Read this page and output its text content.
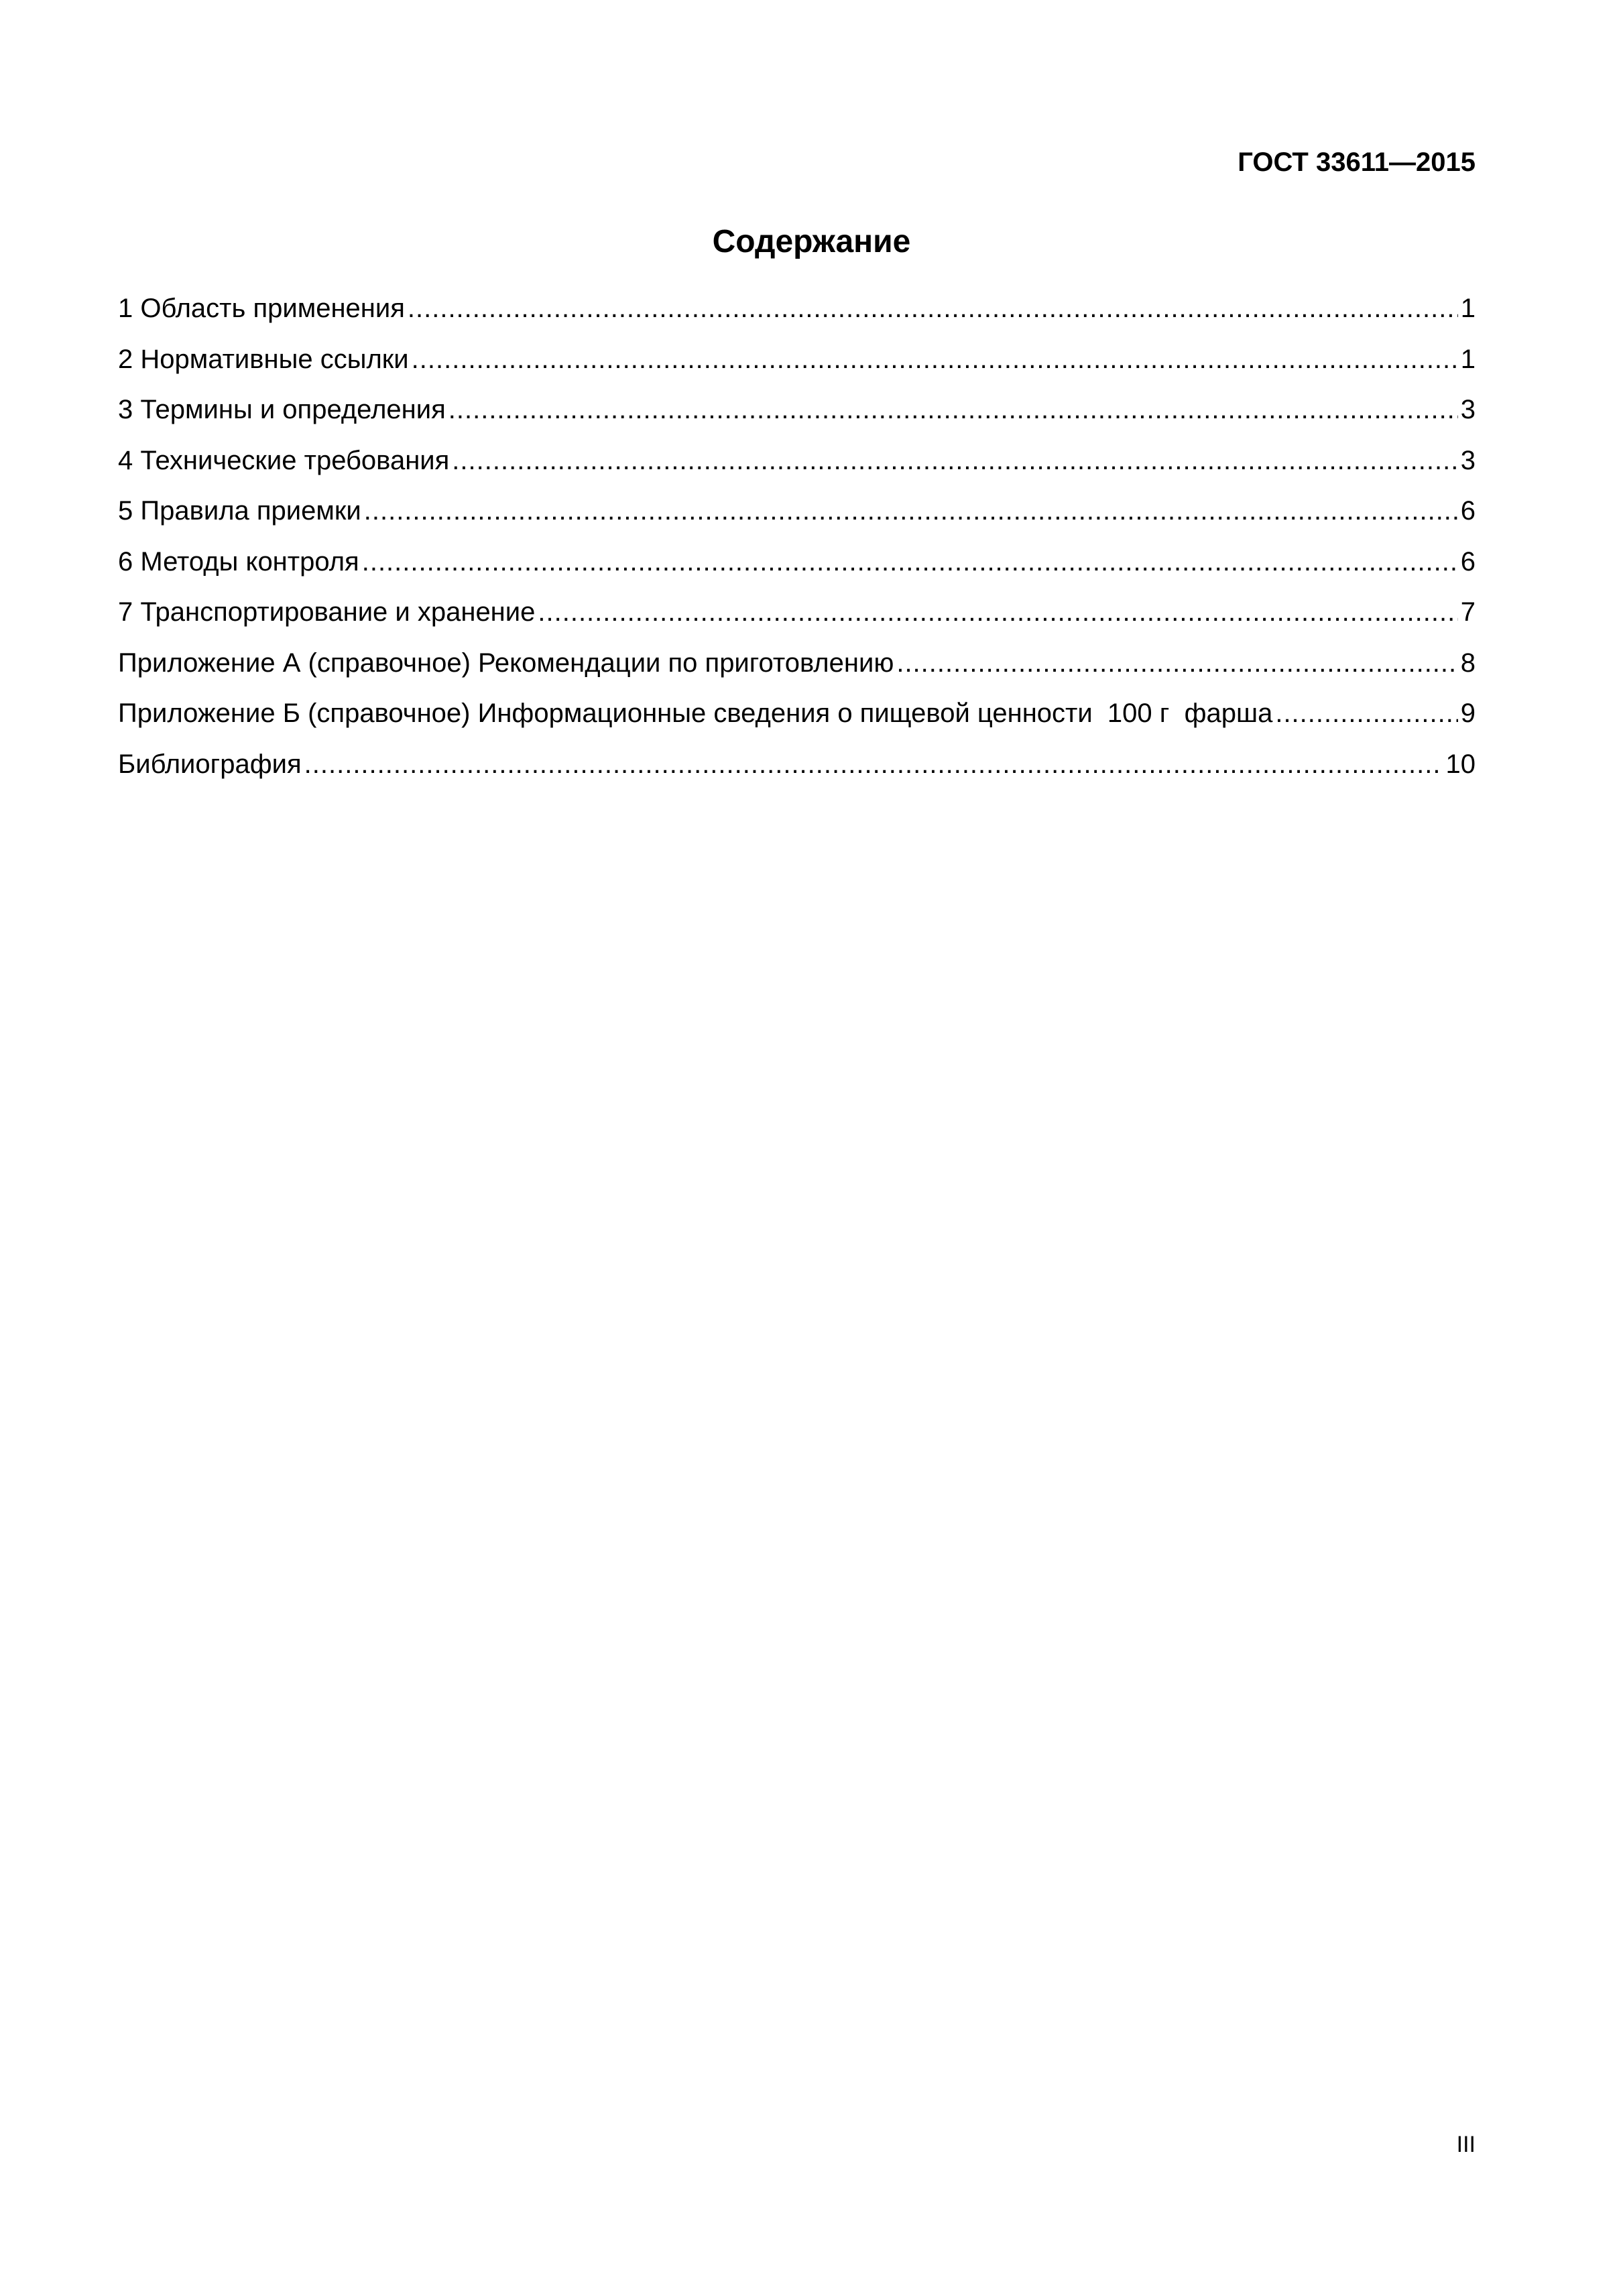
ГОСТ 33611—2015
Содержание
1 Область применения .....	1
2 Нормативные ссылки .....	1
3 Термины и определения .....	3
4 Технические требования .....	3
5 Правила приемки .....	6
6 Методы контроля .....	6
7 Транспортирование и хранение .....	7
Приложение А (справочное) Рекомендации по приготовлению .....	8
Приложение Б (справочное) Информационные сведения о пищевой ценности  100 г  фарша .....	9
Библиография .....	10
III
